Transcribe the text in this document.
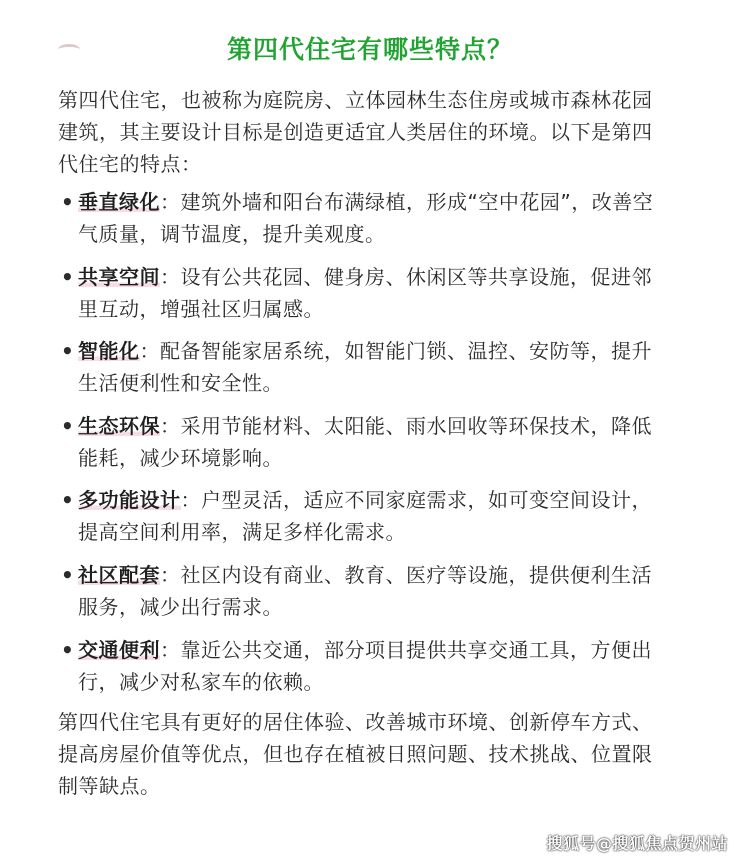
第四代住宅有哪些特点？
第四代住宅，也被称为庭院房、立体园林生态住房或城市森林花园建筑，其主要设计目标是创造更适宜人类居住的环境。以下是第四代住宅的特点：
• 垂直绿化：建筑外墙和阳台布满绿植，形成“空中花园”，改善空气质量，调节温度，提升美观度。
• 共享空间：设有公共花园、健身房、休闲区等共享设施，促进邻里互动，增强社区归属感。
• 智能化：配备智能家居系统，如智能门锁、温控、安防等，提升生活便利性和安全性。
• 生态环保：采用节能材料、太阳能、雨水回收等环保技术，降低能耗，减少环境影响。
• 多功能设计：户型灵活，适应不同家庭需求，如可变空间设计，提高空间利用率，满足多样化需求。
• 社区配套：社区内设有商业、教育、医疗等设施，提供便利生活服务，减少出行需求。
• 交通便利：靠近公共交通，部分项目提供共享交通工具，方便出行，减少对私家车的依赖。
第四代住宅具有更好的居住体验、改善城市环境、创新停车方式、提高房屋价值等优点，但也存在植被日照问题、技术挑战、位置限制等缺点。
搜狐号@搜狐焦点贺州站
